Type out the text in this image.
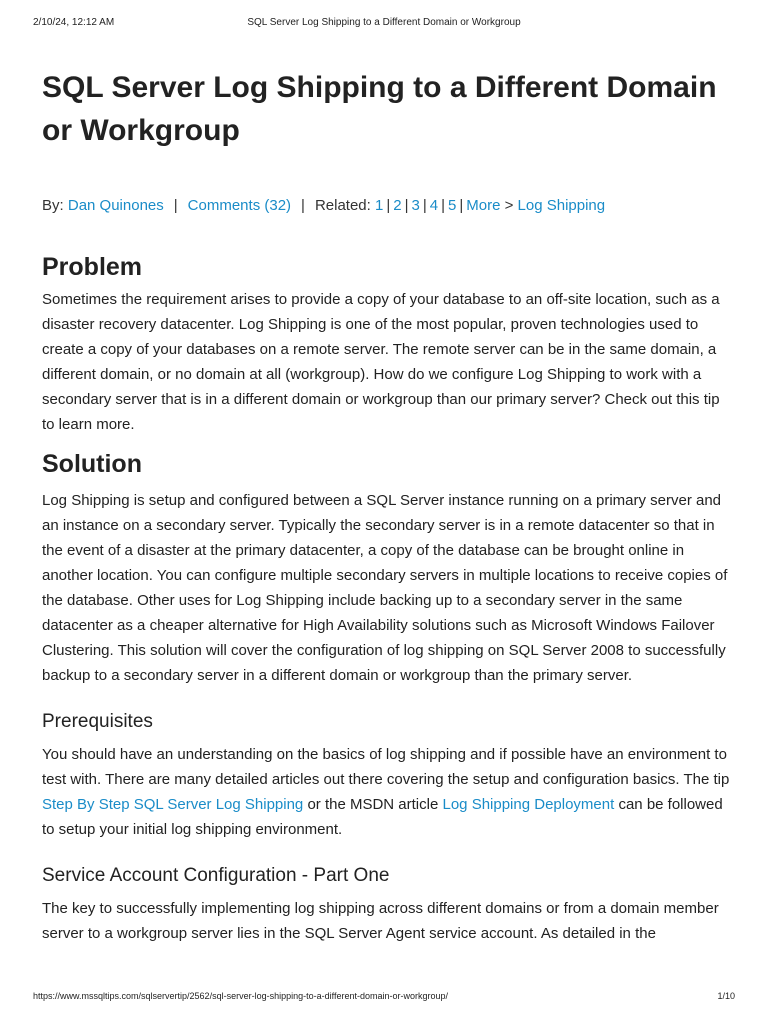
2/10/24, 12:12 AM	SQL Server Log Shipping to a Different Domain or Workgroup
SQL Server Log Shipping to a Different Domain or Workgroup
By: Dan Quinones | Comments (32) | Related: 1 | 2 | 3 | 4 | 5 | More > Log Shipping
Problem

Sometimes the requirement arises to provide a copy of your database to an off-site location, such as a disaster recovery datacenter. Log Shipping is one of the most popular, proven technologies used to create a copy of your databases on a remote server. The remote server can be in the same domain, a different domain, or no domain at all (workgroup). How do we configure Log Shipping to work with a secondary server that is in a different domain or workgroup than our primary server? Check out this tip to learn more.

Solution

Log Shipping is setup and configured between a SQL Server instance running on a primary server and an instance on a secondary server. Typically the secondary server is in a remote datacenter so that in the event of a disaster at the primary datacenter, a copy of the database can be brought online in another location. You can configure multiple secondary servers in multiple locations to receive copies of the database. Other uses for Log Shipping include backing up to a secondary server in the same datacenter as a cheaper alternative for High Availability solutions such as Microsoft Windows Failover Clustering. This solution will cover the configuration of log shipping on SQL Server 2008 to successfully backup to a secondary server in a different domain or workgroup than the primary server.

Prerequisites

You should have an understanding on the basics of log shipping and if possible have an environment to test with. There are many detailed articles out there covering the setup and configuration basics. The tip Step By Step SQL Server Log Shipping or the MSDN article Log Shipping Deployment can be followed to setup your initial log shipping environment.

Service Account Configuration - Part One

The key to successfully implementing log shipping across different domains or from a domain member server to a workgroup server lies in the SQL Server Agent service account. As detailed in the

https://www.mssqltips.com/sqlservertip/2562/sql-server-log-shipping-to-a-different-domain-or-workgroup/	1/10
